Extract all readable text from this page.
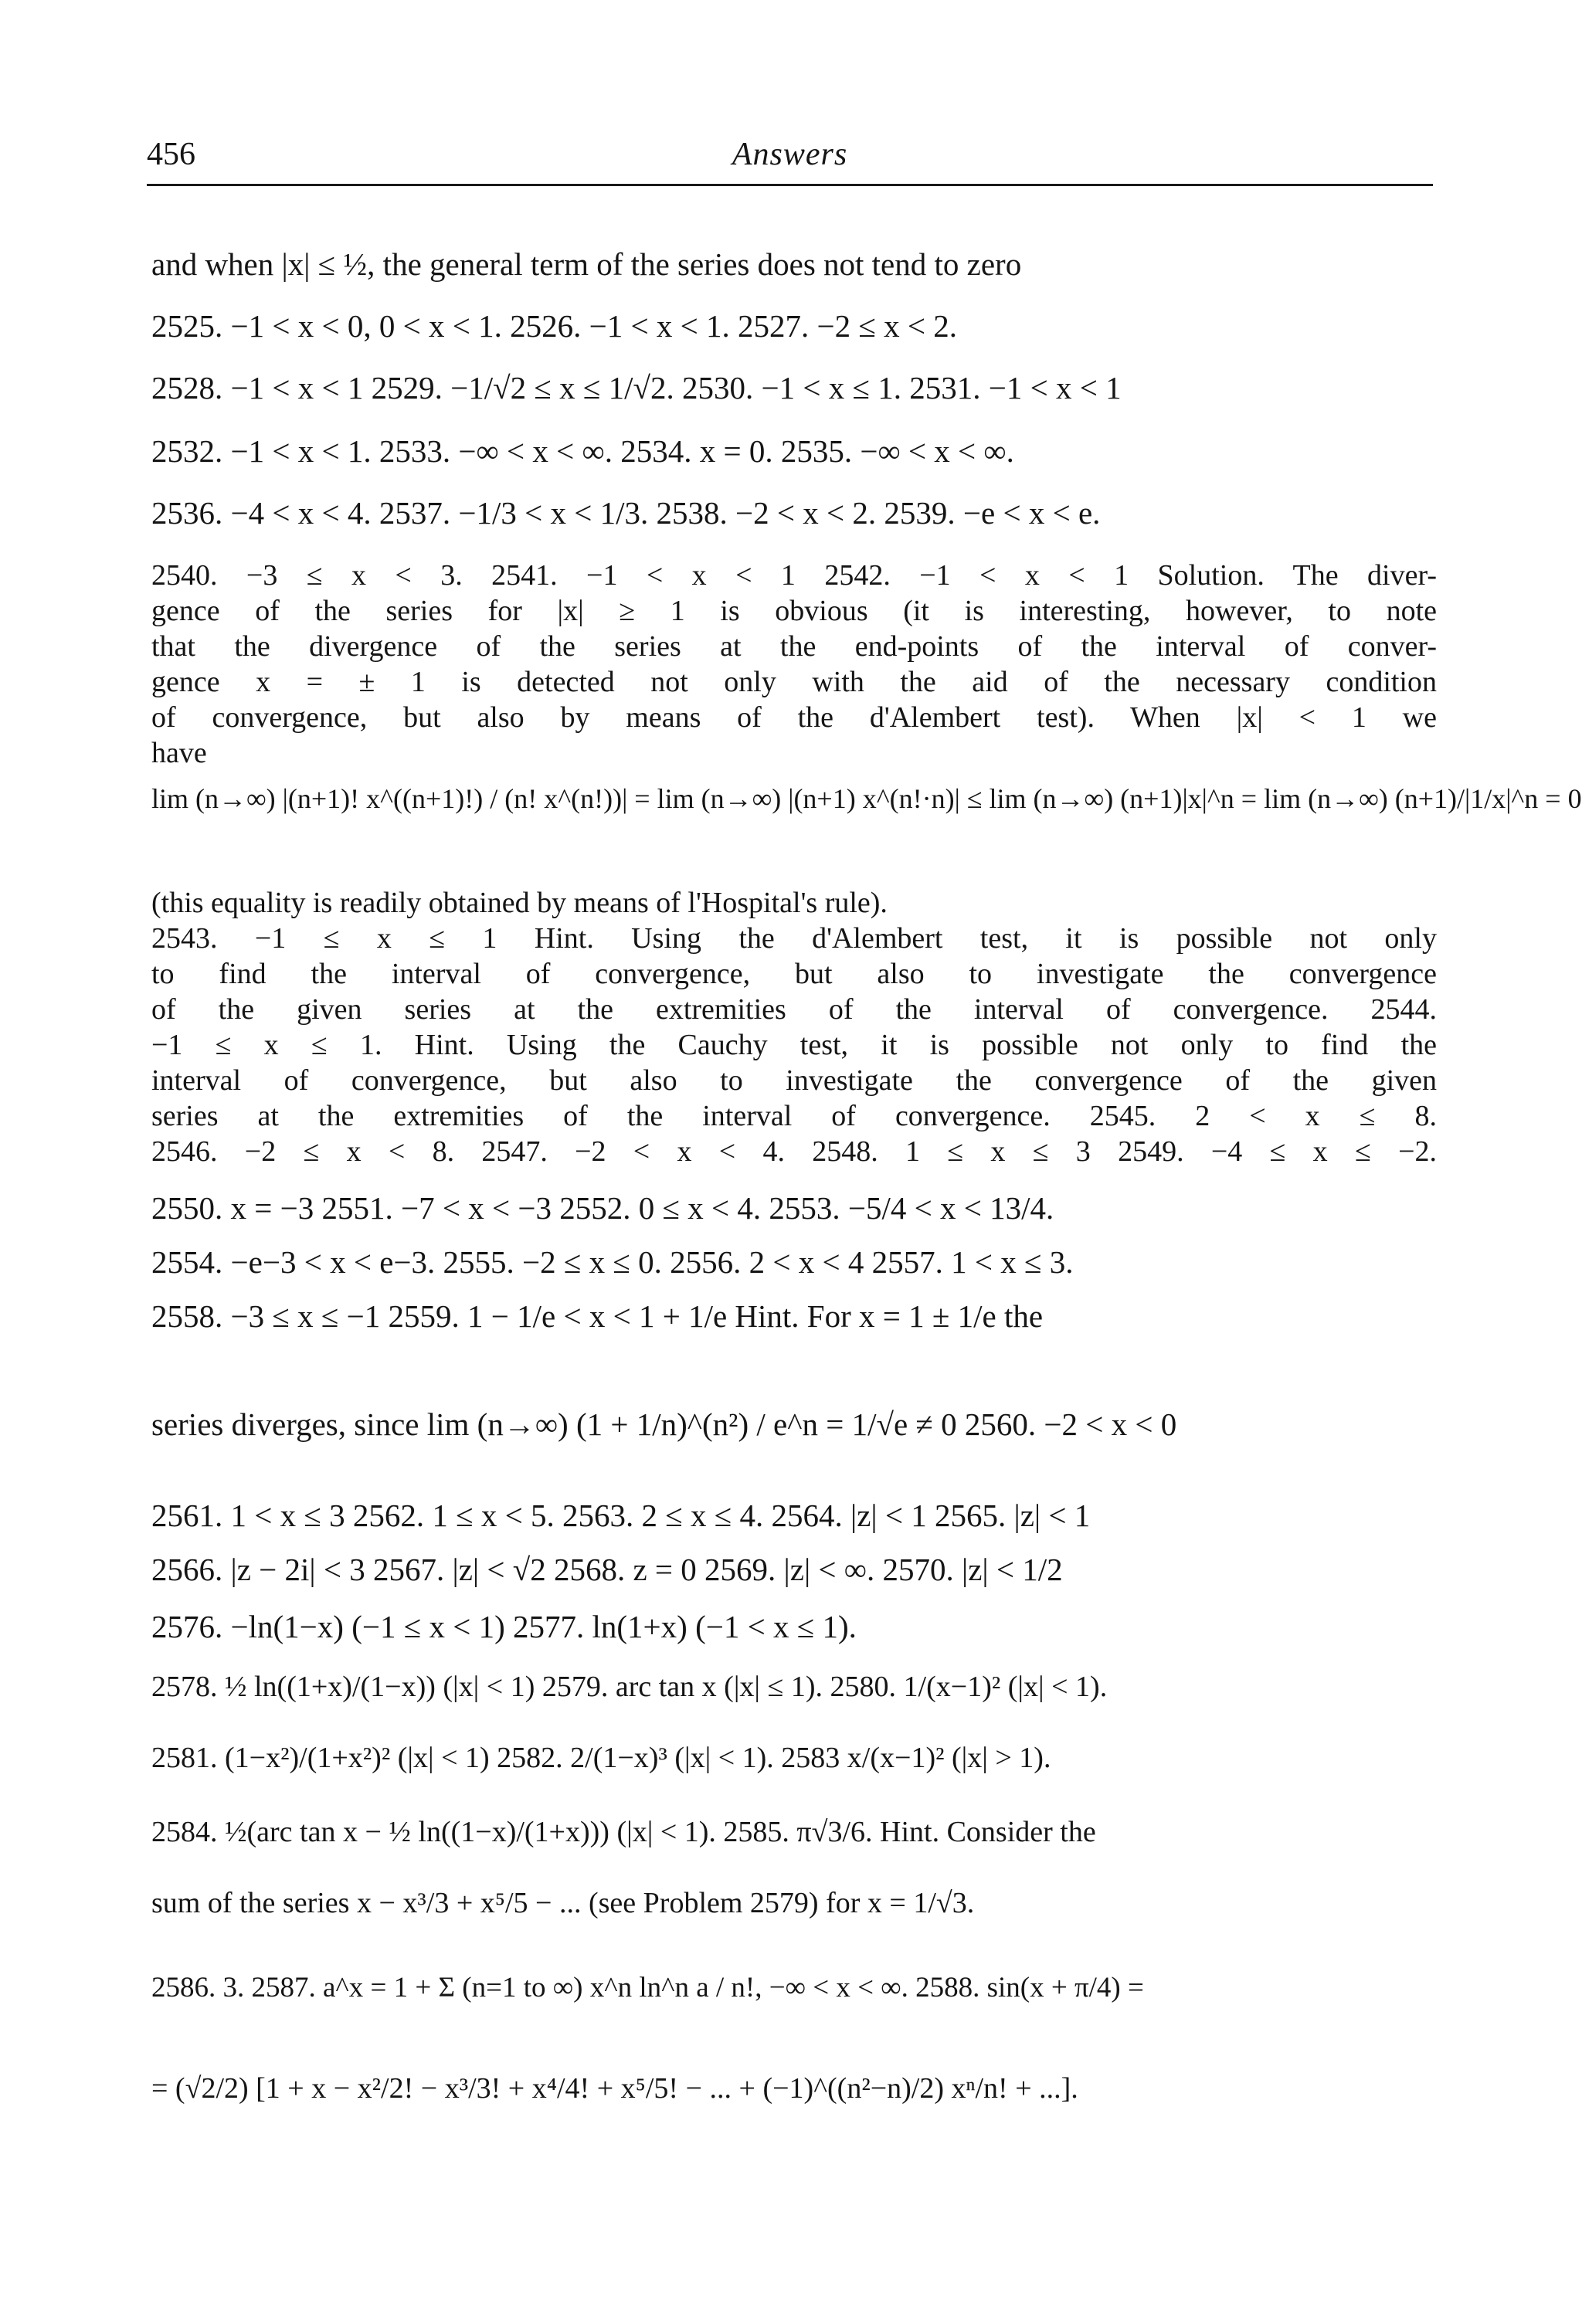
456	Answers
and when |x| ≤ ½, the general term of the series does not tend to zero
2525. −1 < x < 0, 0 < x < 1. 2526. −1 < x < 1. 2527. −2 ≤ x < 2.
2528. −1 < x < 1 2529. −1/√2 ≤ x ≤ 1/√2. 2530. −1 < x ≤ 1. 2531. −1 < x < 1
2532. −1 < x < 1. 2533. −∞ < x < ∞. 2534. x = 0. 2535. −∞ < x < ∞.
2536. −4 < x < 4. 2537. −1/3 < x < 1/3. 2538. −2 < x < 2. 2539. −e < x < e.
2540. −3 ≤ x < 3. 2541. −1 < x < 1 2542. −1 < x < 1 Solution. The diver-
gence of the series for |x| ≥ 1 is obvious (it is interesting, however, to note
that the divergence of the series at the end-points of the interval of conver-
gence x = ± 1 is detected not only with the aid of the necessary condition
of convergence, but also by means of the d'Alembert test). When |x| < 1 we
have
lim (n→∞) |(n+1)! x^((n+1)!) / (n! x^(n!))| = lim (n→∞) |(n+1) x^(n!·n)| ≤ lim (n→∞) (n+1)|x|^n = lim (n→∞) (n+1)/|1/x|^n = 0
(this equality is readily obtained by means of l'Hospital's rule).
2543. −1 ≤ x ≤ 1 Hint. Using the d'Alembert test, it is possible not only
to find the interval of convergence, but also to investigate the convergence
of the given series at the extremities of the interval of convergence. 2544.
−1 ≤ x ≤ 1. Hint. Using the Cauchy test, it is possible not only to find the
interval of convergence, but also to investigate the convergence of the given
series at the extremities of the interval of convergence. 2545. 2 < x ≤ 8.
2546. −2 ≤ x < 8. 2547. −2 < x < 4. 2548. 1 ≤ x ≤ 3 2549. −4 ≤ x ≤ −2.
2550. x = −3 2551. −7 < x < −3 2552. 0 ≤ x < 4. 2553. −5/4 < x < 13/4.
2554. −e−3 < x < e−3. 2555. −2 ≤ x ≤ 0. 2556. 2 < x < 4 2557. 1 < x ≤ 3.
2558. −3 ≤ x ≤ −1 2559. 1 − 1/e < x < 1 + 1/e Hint. For x = 1 ± 1/e the
series diverges, since lim (n→∞) (1 + 1/n)^(n²) / e^n = 1/√e ≠ 0 2560. −2 < x < 0
2561. 1 < x ≤ 3 2562. 1 ≤ x < 5. 2563. 2 ≤ x ≤ 4. 2564. |z| < 1 2565. |z| < 1
2566. |z − 2i| < 3 2567. |z| < √2 2568. z = 0 2569. |z| < ∞. 2570. |z| < 1/2
2576. −ln(1−x) (−1 ≤ x < 1) 2577. ln(1+x) (−1 < x ≤ 1).
2578. ½ ln((1+x)/(1−x)) (|x| < 1) 2579. arc tan x (|x| ≤ 1). 2580. 1/(x−1)² (|x| < 1).
2581. (1−x²)/(1+x²)² (|x| < 1) 2582. 2/(1−x)³ (|x| < 1). 2583 x/(x−1)² (|x| > 1).
2584. ½(arc tan x − ½ ln((1−x)/(1+x))) (|x| < 1). 2585. π√3/6. Hint. Consider the
sum of the series x − x³/3 + x⁵/5 − ... (see Problem 2579) for x = 1/√3.
2586. 3. 2587. a^x = 1 + Σ (n=1 to ∞) x^n ln^n a / n!, −∞ < x < ∞. 2588. sin(x + π/4) =
= (√2/2) [1 + x − x²/2! − x³/3! + x⁴/4! + x⁵/5! − ... + (−1)^((n²−n)/2) xⁿ/n! + ...].
